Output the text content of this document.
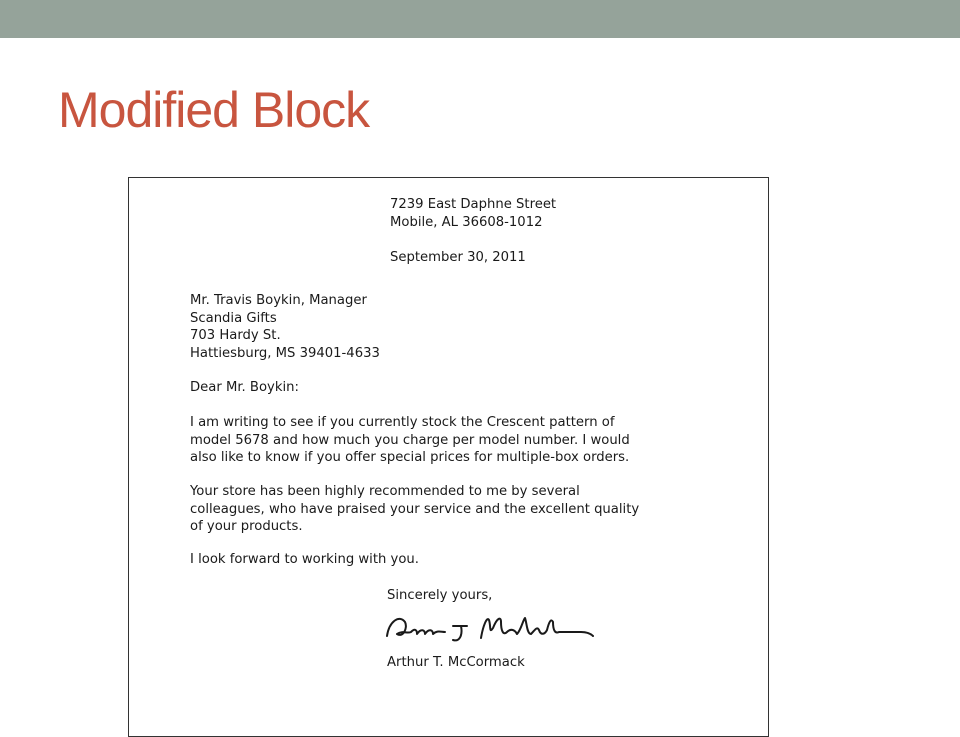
Modified Block
7239 East Daphne Street
Mobile, AL 36608-1012
September 30, 2011
Mr. Travis Boykin, Manager
Scandia Gifts
703 Hardy St.
Hattiesburg, MS 39401-4633
Dear Mr. Boykin:
I am writing to see if you currently stock the Crescent pattern of
model 5678 and how much you charge per model number. I would
also like to know if you offer special prices for multiple-box orders.
Your store has been highly recommended to me by several
colleagues, who have praised your service and the excellent quality
of your products.
I look forward to working with you.
Sincerely yours,
Arthur T. McCormack
